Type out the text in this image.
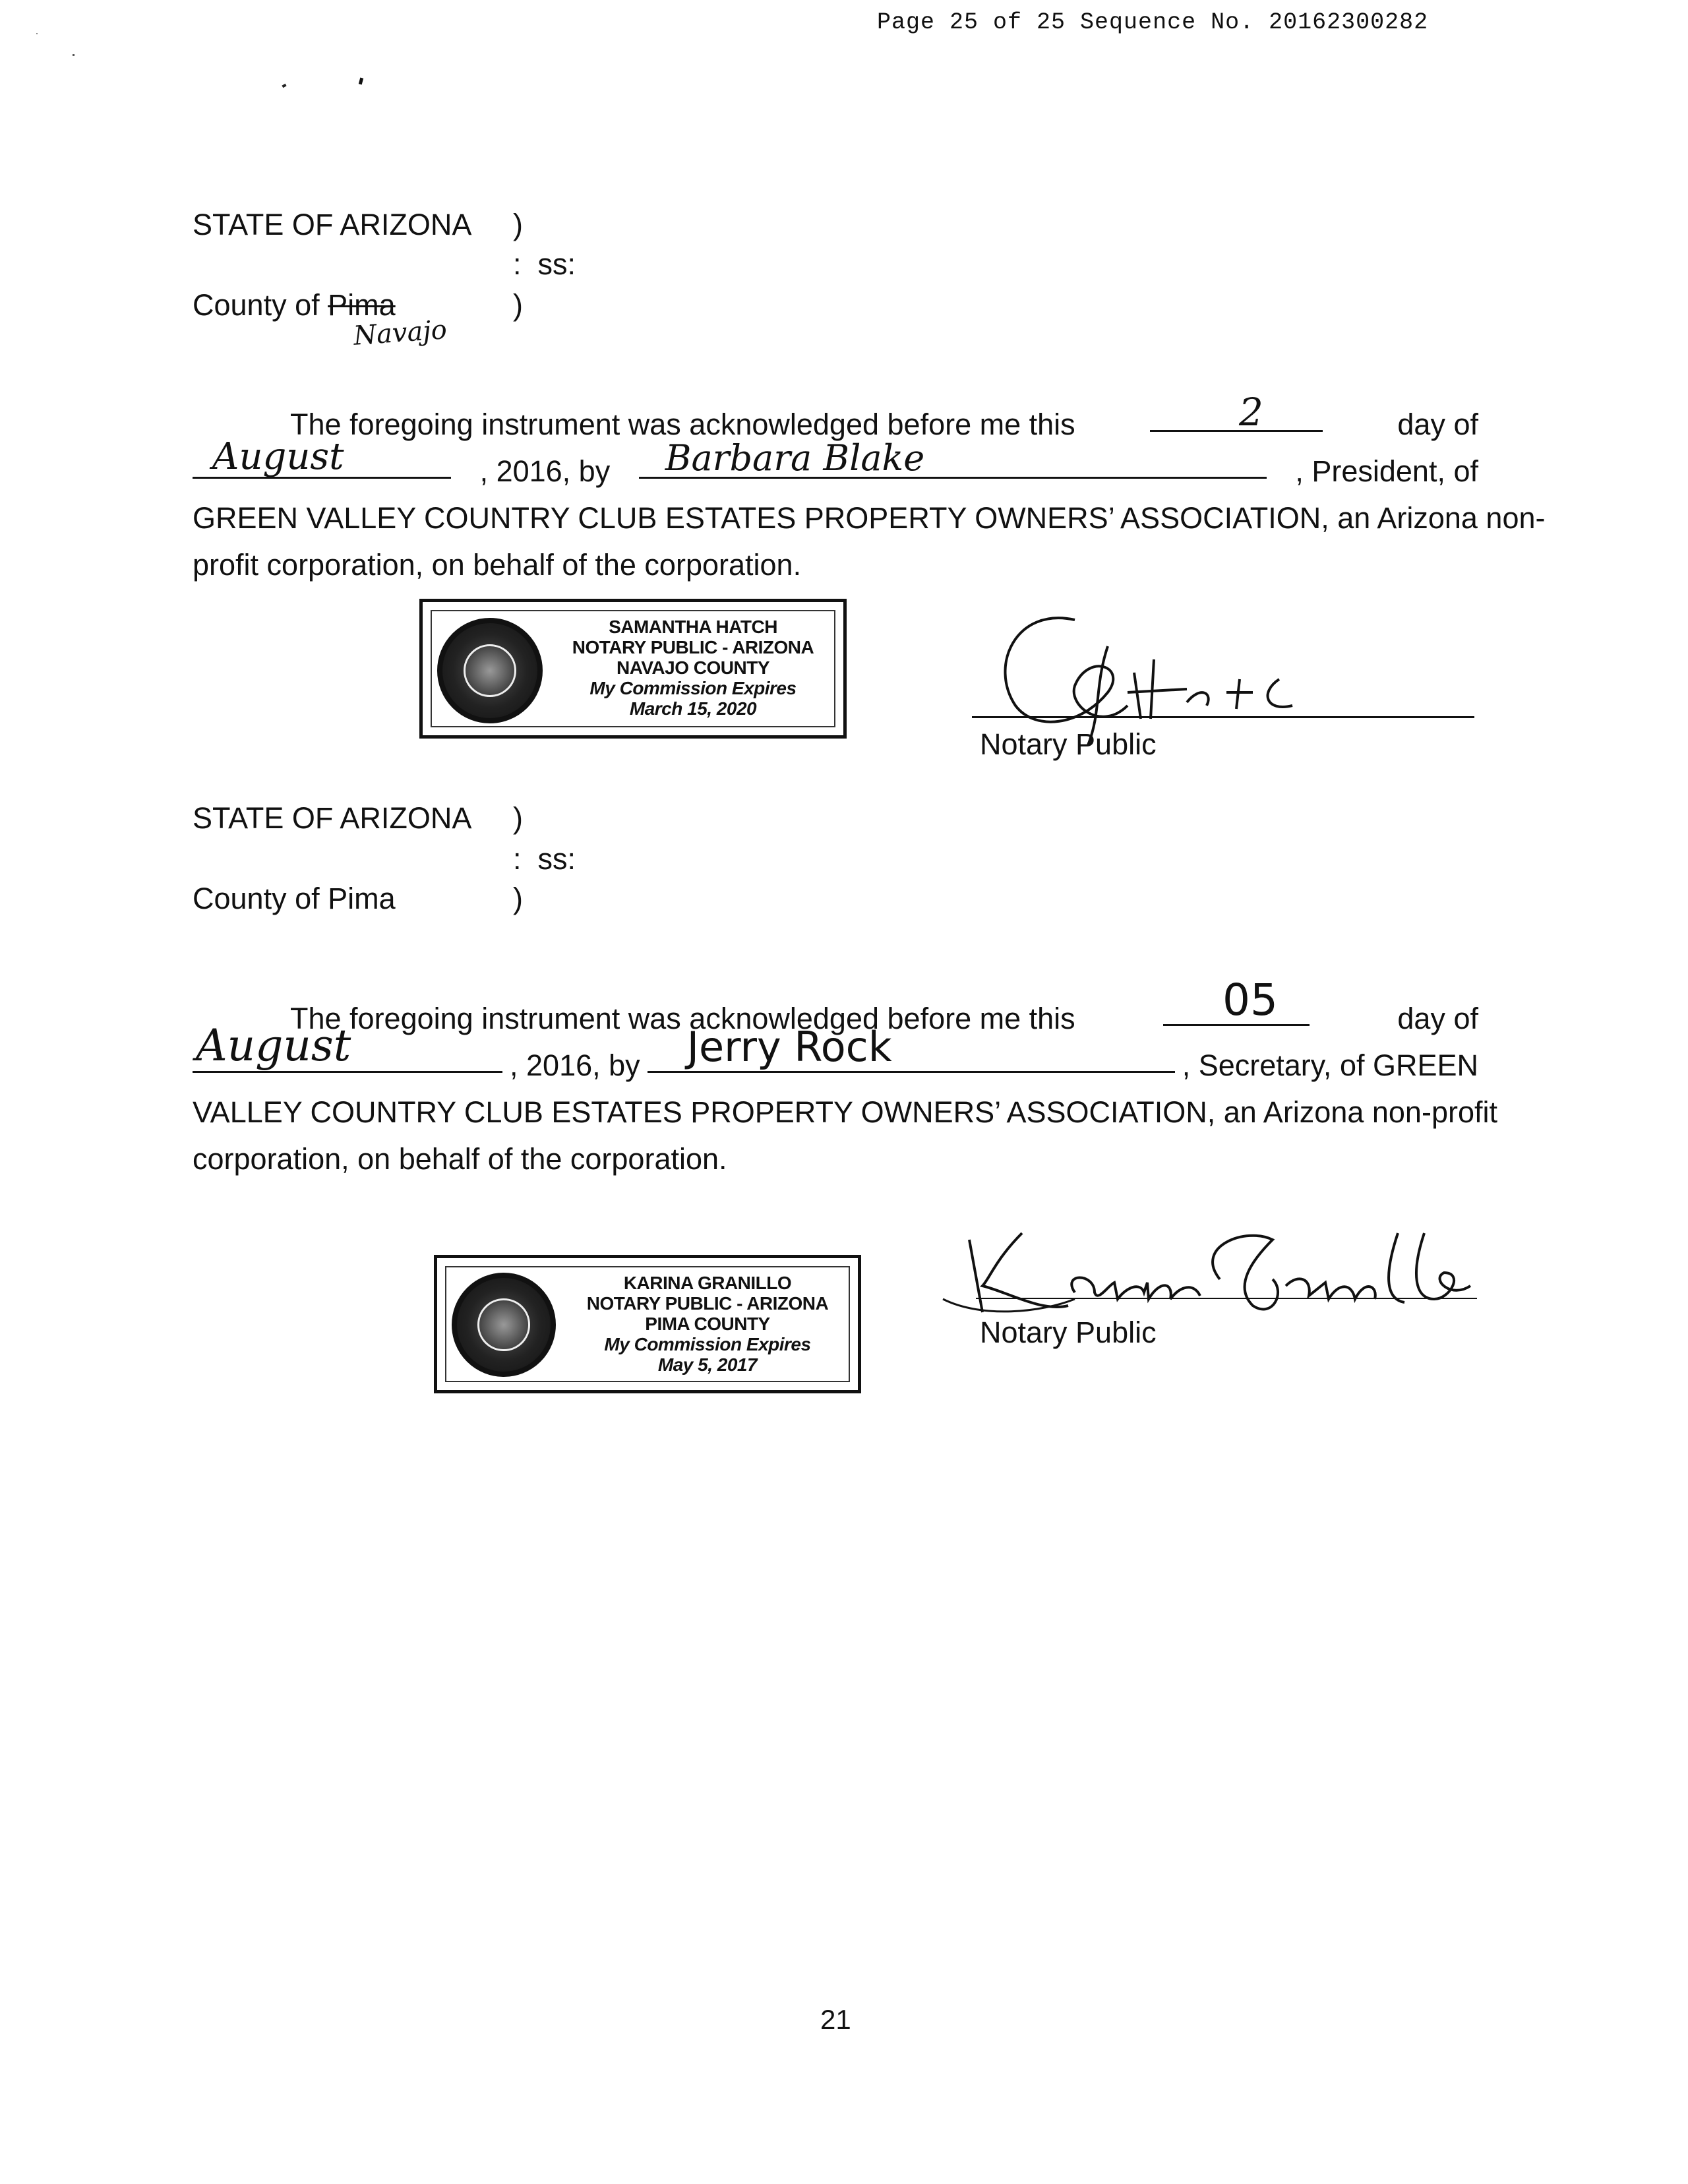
Page 25 of 25 Sequence No. 20162300282
STATE OF ARIZONA )
:  ss:
County of Pima	)
Navajo
The foregoing instrument was acknowledged before me this	2	day of
August	, 2016, by Barbara Blake	, President, of
GREEN VALLEY COUNTRY CLUB ESTATES PROPERTY OWNERS’ ASSOCIATION, an Arizona non-
profit corporation, on behalf of the corporation.
SAMANTHA HATCH
NOTARY PUBLIC - ARIZONA
NAVAJO COUNTY
My Commission Expires
March 15, 2020
Notary Public
STATE OF ARIZONA )
:  ss:
County of Pima	)
The foregoing instrument was acknowledged before me this	05	day of
August	, 2016, by Jerry Rock	, Secretary, of GREEN
VALLEY COUNTRY CLUB ESTATES PROPERTY OWNERS’ ASSOCIATION, an Arizona non-profit
corporation, on behalf of the corporation.
KARINA GRANILLO
NOTARY PUBLIC - ARIZONA
PIMA COUNTY
My Commission Expires
May 5, 2017
Notary Public
21
